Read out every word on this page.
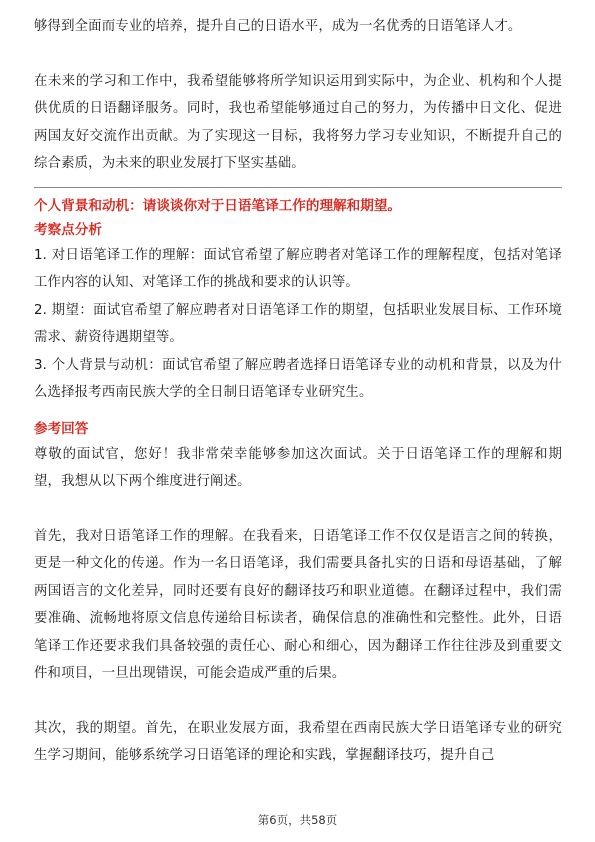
够得到全面而专业的培养，提升自己的日语水平，成为一名优秀的日语笔译人才。

在未来的学习和工作中，我希望能够将所学知识运用到实际中，为企业、机构和个人提供优质的日语翻译服务。同时，我也希望能够通过自己的努力，为传播中日文化、促进两国友好交流作出贡献。为了实现这一目标，我将努力学习专业知识，不断提升自己的综合素质，为未来的职业发展打下坚实基础。

个人背景和动机：请谈谈你对于日语笔译工作的理解和期望。
考察点分析

1. 对日语笔译工作的理解：面试官希望了解应聘者对笔译工作的理解程度，包括对笔译工作内容的认知、对笔译工作的挑战和要求的认识等。

2. 期望：面试官希望了解应聘者对日语笔译工作的期望，包括职业发展目标、工作环境需求、薪资待遇期望等。

3. 个人背景与动机：面试官希望了解应聘者选择日语笔译专业的动机和背景，以及为什么选择报考西南民族大学的全日制日语笔译专业研究生。

参考回答

尊敬的面试官，您好！我非常荣幸能够参加这次面试。关于日语笔译工作的理解和期望，我想从以下两个维度进行阐述。

首先，我对日语笔译工作的理解。在我看来，日语笔译工作不仅仅是语言之间的转换，更是一种文化的传递。作为一名日语笔译，我们需要具备扎实的日语和母语基础，了解两国语言的文化差异，同时还要有良好的翻译技巧和职业道德。在翻译过程中，我们需要准确、流畅地将原文信息传递给目标读者，确保信息的准确性和完整性。此外，日语笔译工作还要求我们具备较强的责任心、耐心和细心，因为翻译工作往往涉及到重要文件和项目，一旦出现错误，可能会造成严重的后果。

其次，我的期望。首先，在职业发展方面，我希望在西南民族大学日语笔译专业的研究生学习期间，能够系统学习日语笔译的理论和实践，掌握翻译技巧，提升自己

第6页，共58页
